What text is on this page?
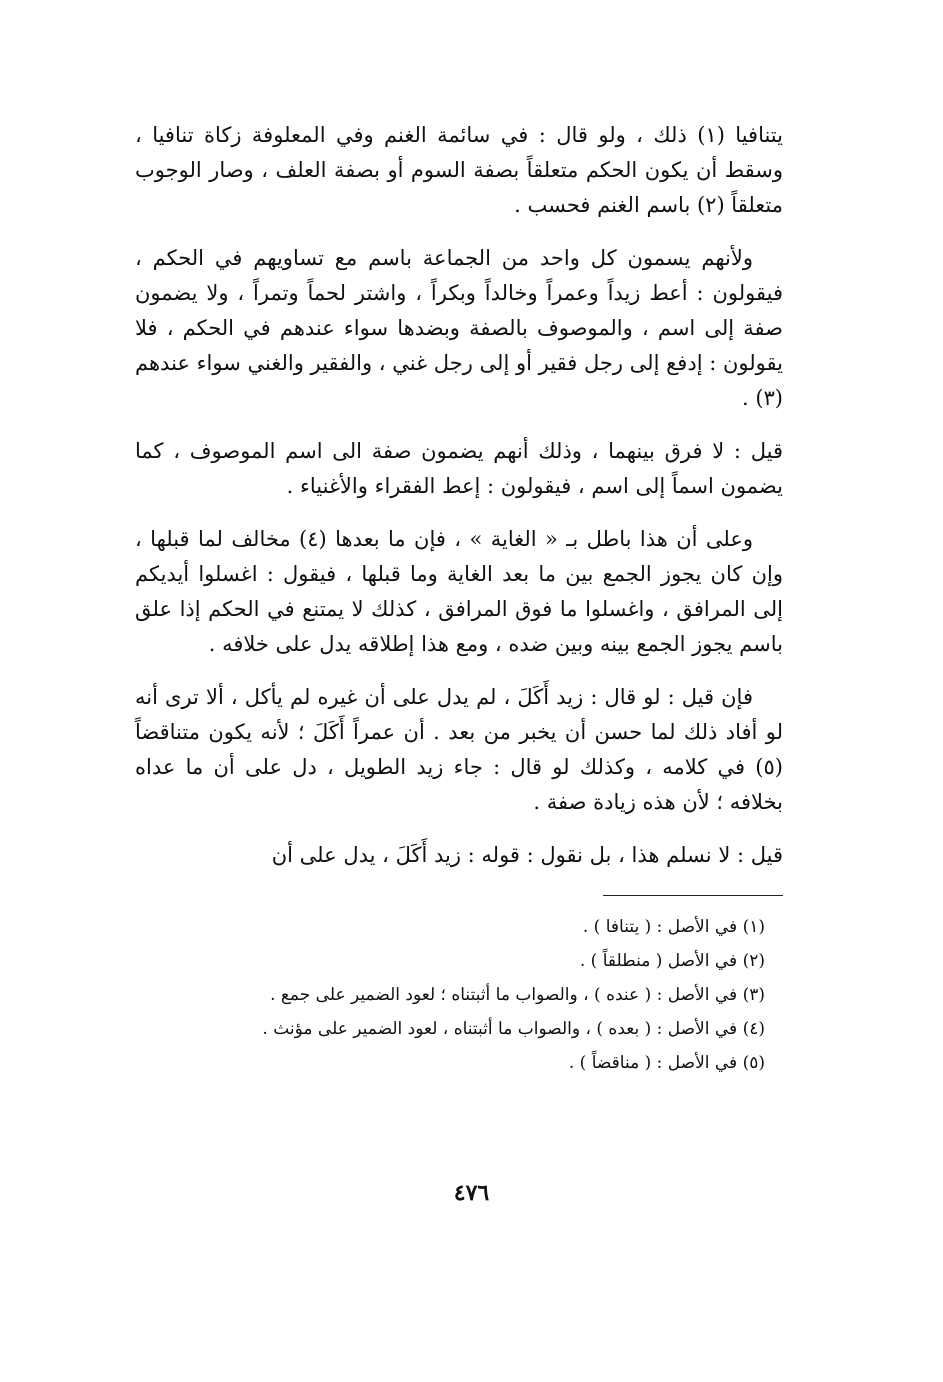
يتنافيا (١) ذلك ، ولو قال : في سائمة الغنم وفي المعلوفة زكاة تنافيا ، وسقط أن يكون الحكم متعلقاً بصفة السوم أو بصفة العلف ، وصار الوجوب متعلقاً (٢) باسم الغنم فحسب .

ولأنهم يسمون كل واحد من الجماعة باسم مع تساويهم في الحكم ، فيقولون : أعط زيداً وعمراً وخالداً وبكراً ، واشتر لحماً وتمراً ، ولا يضمون صفة إلى اسم ، والموصوف بالصفة وبضدها سواء عندهم في الحكم ، فلا يقولون : إدفع إلى رجل فقير أو إلى رجل غني ، والفقير والغني سواء عندهم (٣) .

قيل : لا فرق بينهما ، وذلك أنهم يضمون صفة الى اسم الموصوف ، كما يضمون اسماً إلى اسم ، فيقولون : إعط الفقراء والأغنياء .

وعلى أن هذا باطل بـ « الغاية » ، فإن ما بعدها (٤) مخالف لما قبلها ، وإن كان يجوز الجمع بين ما بعد الغاية وما قبلها ، فيقول : اغسلوا أيديكم إلى المرافق ، واغسلوا ما فوق المرافق ، كذلك لا يمتنع في الحكم إذا علق باسم يجوز الجمع بينه وبين ضده ، ومع هذا إطلاقه يدل على خلافه .

فإن قيل : لو قال : زيد أَكَلَ ، لم يدل على أن غيره لم يأكل ، ألا ترى أنه لو أفاد ذلك لما حسن أن يخبر من بعد . أن عمراً أَكَلَ ؛ لأنه يكون متناقضاً (٥) في كلامه ، وكذلك لو قال : جاء زيد الطويل ، دل على أن ما عداه بخلافه ؛ لأن هذه زيادة صفة .

قيل : لا نسلم هذا ، بل نقول : قوله : زيد أَكَلَ ، يدل على أن

(١) في الأصل : ( يتنافا ) .
(٢) في الأصل ( منطلقاً ) .
(٣) في الأصل : ( عنده ) ، والصواب ما أثبتناه ؛ لعود الضمير على جمع .
(٤) في الأصل : ( بعده ) ، والصواب ما أثبتناه ، لعود الضمير على مؤنث .
(٥) في الأصل : ( مناقضاً ) .
٤٧٦
